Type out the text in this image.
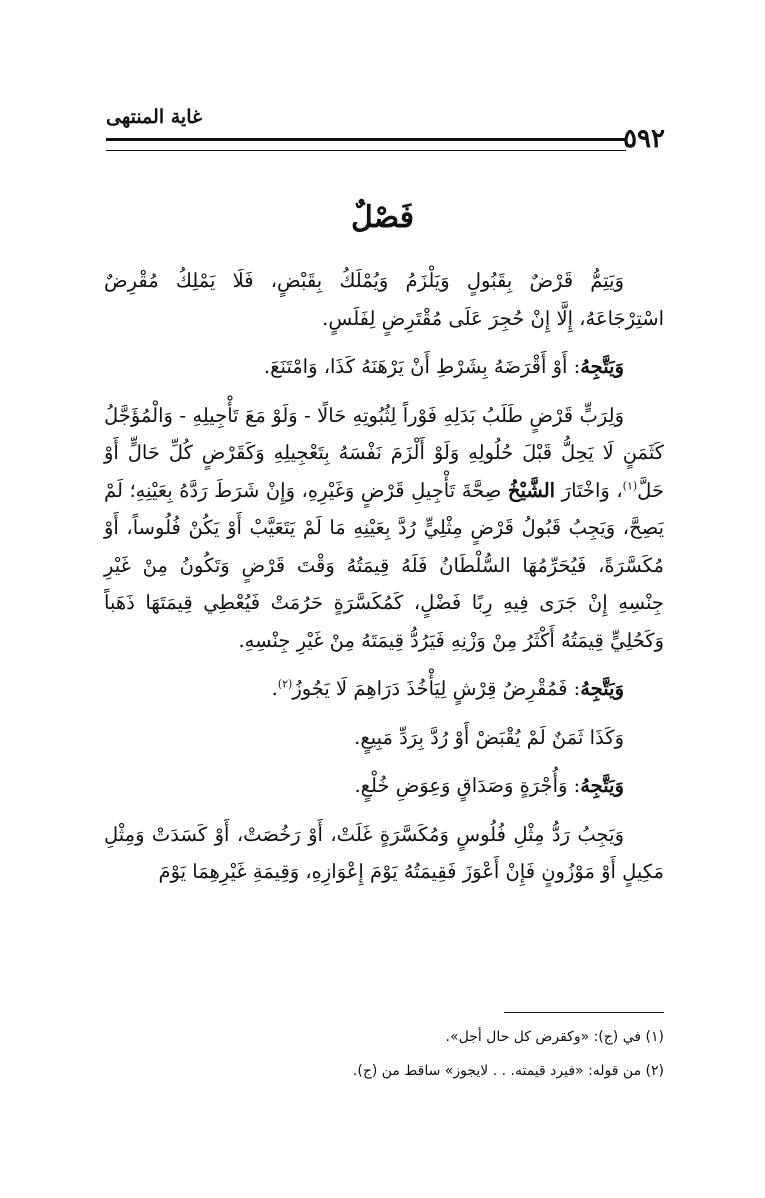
غاية المنتهى
٥٩٢
فَصْلٌ

وَيَتِمُّ قَرْضٌ بِقَبُولٍ وَيَلْزَمُ وَيُمْلَكُ بِقَبْضٍ، فَلَا يَمْلِكُ مُقْرِضٌ اسْتِرْجَاعَهُ، إِلَّا إِنْ حُجِرَ عَلَى مُقْتَرِضٍ لِفَلَسٍ.

وَيَتَّجِهُ: أَوْ أَقْرَضَهُ بِشَرْطِ أَنْ يَرْهَنَهُ كَذَا، وَامْتَنَعَ.

وَلِرَبٍّ قَرْضٍ طَلَبُ بَدَلِهِ فَوْراً لِثُبُوتِهِ حَالًا - وَلَوْ مَعَ تَأْجِيلِهِ - وَالْمُؤَجَّلُ كَثَمَنٍ لَا يَحِلُّ قَبْلَ حُلُولِهِ وَلَوْ أَلْزَمَ نَفْسَهُ بِتَعْجِيلِهِ وَكَقَرْضٍ كُلِّ حَالٍّ أَوْ حَلَّ$^{(١)}$، وَاخْتَارَ الشَّيْخُ صِحَّةَ تَأْجِيلِ قَرْضٍ وَغَيْرِهِ، وَإِنْ شَرَطَ رَدَّهُ بِعَيْنِهِ؛ لَمْ يَصِحَّ، وَيَجِبُ قَبُولُ قَرْضٍ مِثْلِيٍّ رُدَّ بِعَيْنِهِ مَا لَمْ يَتَعَيَّبْ أَوْ يَكُنْ فُلُوساً، أَوْ مُكَسَّرَةً، فَيُحَرِّمُهَا السُّلْطَانُ فَلَهُ قِيمَتُهُ وَقْتَ قَرْضٍ وَتَكُونُ مِنْ غَيْرِ جِنْسِهِ إِنْ جَرَى فِيهِ رِبًا فَضْلٍ، كَمُكَسَّرَةٍ حَرُمَتْ فَيُعْطِي قِيمَتَهَا ذَهَباً وَكَحُلِيٍّ قِيمَتُهُ أَكْثَرُ مِنْ وَزْنِهِ فَيَرُدُّ قِيمَتَهُ مِنْ غَيْرِ جِنْسِهِ.

وَيَتَّجِهُ: فَمُقْرِضُ قِرْشٍ لِيَأْخُذَ دَرَاهِمَ لَا يَجُوزُ$^{(٢)}$.

وَكَذَا ثَمَنٌ لَمْ يُقْبَضْ أَوْ رُدَّ بِرَدِّ مَبِيعٍ.

وَيَتَّجِهُ: وَأُجْرَةٍ وَصَدَاقٍ وَعِوَضِ خُلْعٍ.

وَيَجِبُ رَدُّ مِثْلِ فُلُوسٍ وَمُكَسَّرَةٍ غَلَتْ، أَوْ رَخُصَتْ، أَوْ كَسَدَتْ وَمِثْلِ مَكِيلٍ أَوْ مَوْزُونٍ فَإِنْ أَعْوَزَ فَقِيمَتُهُ يَوْمَ إِعْوَازِهِ، وَقِيمَةِ غَيْرِهِمَا يَوْمَ

(١) في (ج): «وكقرض كل حال أجل».
(٢) من قوله: «فيرد قيمته. . . لايجوز» ساقط من (ج).
